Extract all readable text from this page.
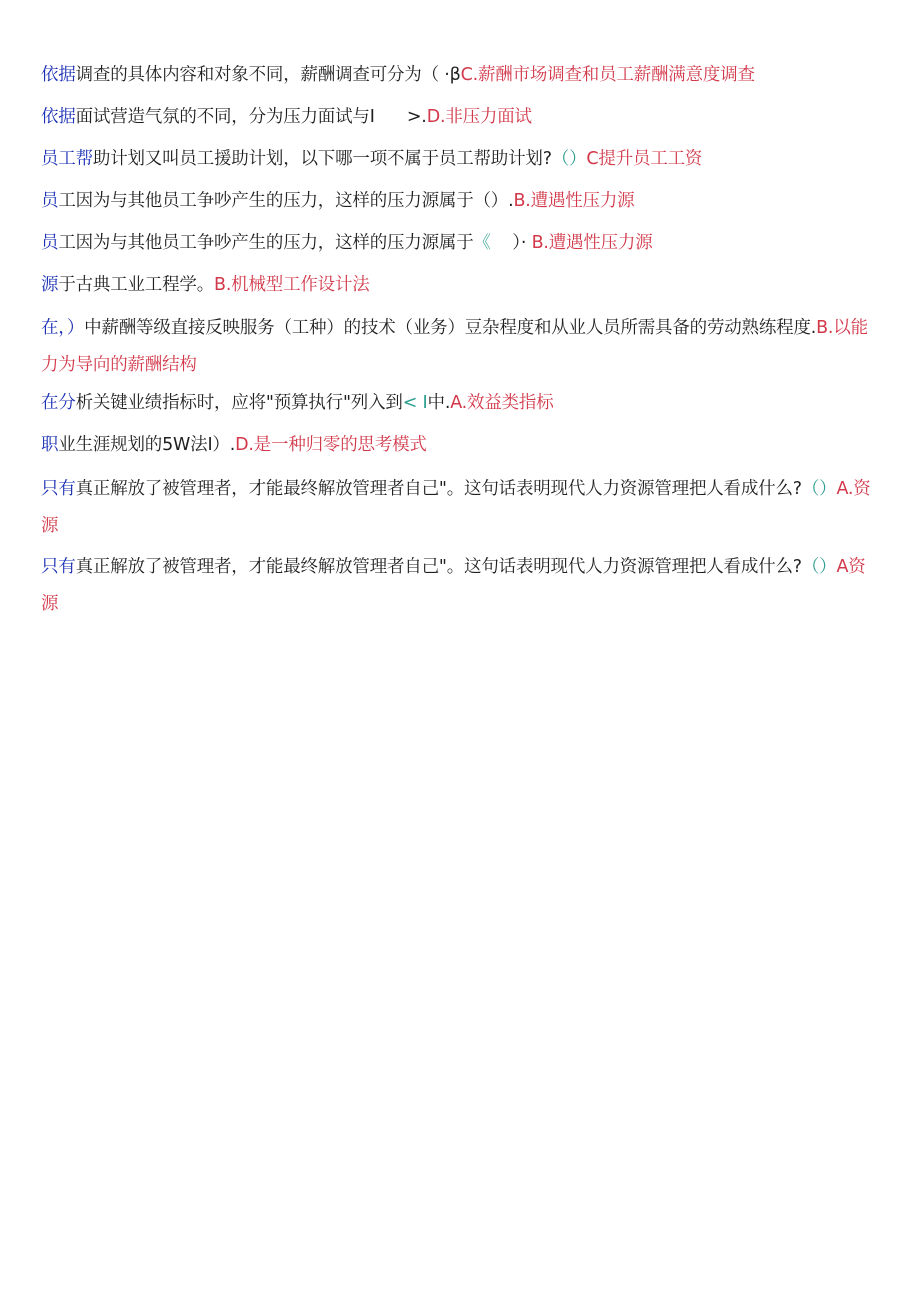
依据调查的具体内容和对象不同，薪酬调查可分为（ ·βC.薪酬市场调查和员工薪酬满意度调查
依据面试营造气氛的不同，分为压力面试与I      >.D.非压力面试
员工帮助计划又叫员工援助计划，以下哪一项不属于员工帮助计划?（）C提升员工工资
员工因为与其他员工争吵产生的压力，这样的压力源属于（）.B.遭遇性压力源
员工因为与其他员工争吵产生的压力，这样的压力源属于《    ）· B.遭遇性压力源
源于古典工业工程学。B.机械型工作设计法
在，）中薪酬等级直接反映服务（工种）的技术（业务）豆杂程度和从业人员所需具备的劳动熟练程度.B.以能力为导向的薪酬结构
在分析关键业绩指标时，应将"预算执行"列入到< I中.A.效益类指标
职业生涯规划的5W法I）.D.是一种归零的思考模式
只有真正解放了被管理者，才能最终解放管理者自己"。这句话表明现代人力资源管理把人看成什么?（）A.资源
只有真正解放了被管理者，才能最终解放管理者自己"。这句话表明现代人力资源管理把人看成什么?（）A资源
